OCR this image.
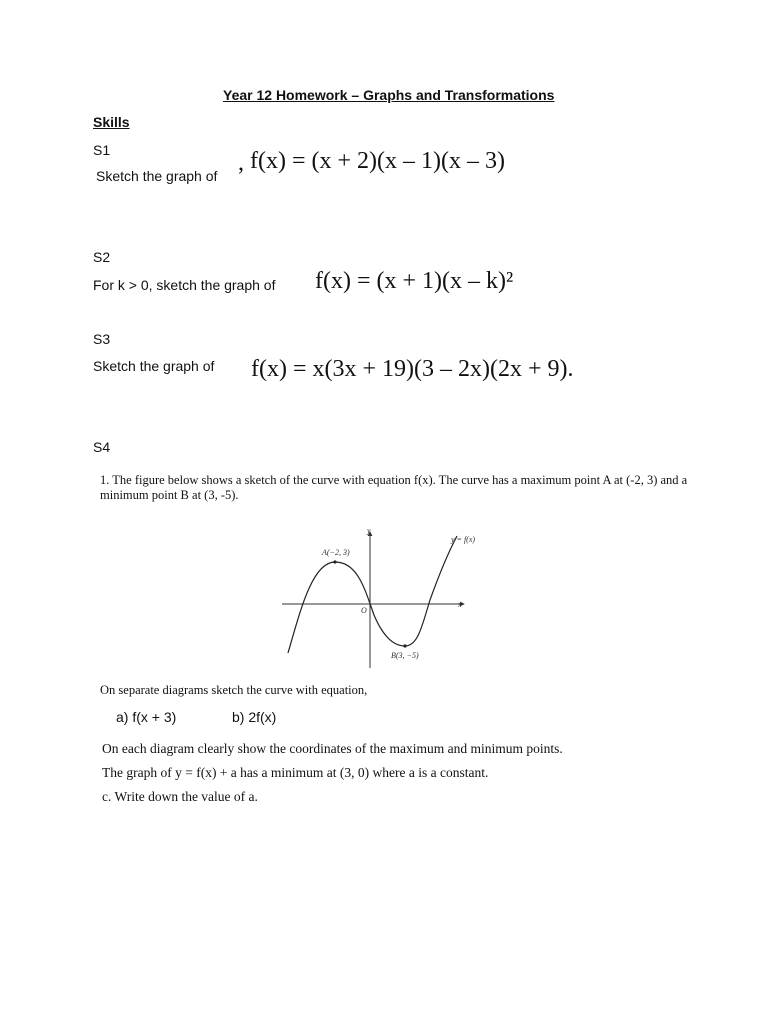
Year 12 Homework – Graphs and Transformations
Skills
S1
Sketch the graph of , f(x) = (x + 2)(x – 1)(x – 3)
S2
For k > 0, sketch the graph of f(x) = (x + 1)(x – k)²
S3
Sketch the graph of f(x) = x(3x + 19)(3 – 2x)(2x + 9).
S4
1. The figure below shows a sketch of the curve with equation f(x). The curve has a maximum point A at (-2, 3) and a minimum point B at (3, -5).
A(−2, 3)
B(3, −5)
O
x
y
y = f(x)
On separate diagrams sketch the curve with equation,
a) f(x + 3)	b) 2f(x)
On each diagram clearly show the coordinates of the maximum and minimum points.
The graph of y = f(x) + a has a minimum at (3, 0) where a is a constant.
c. Write down the value of a.
